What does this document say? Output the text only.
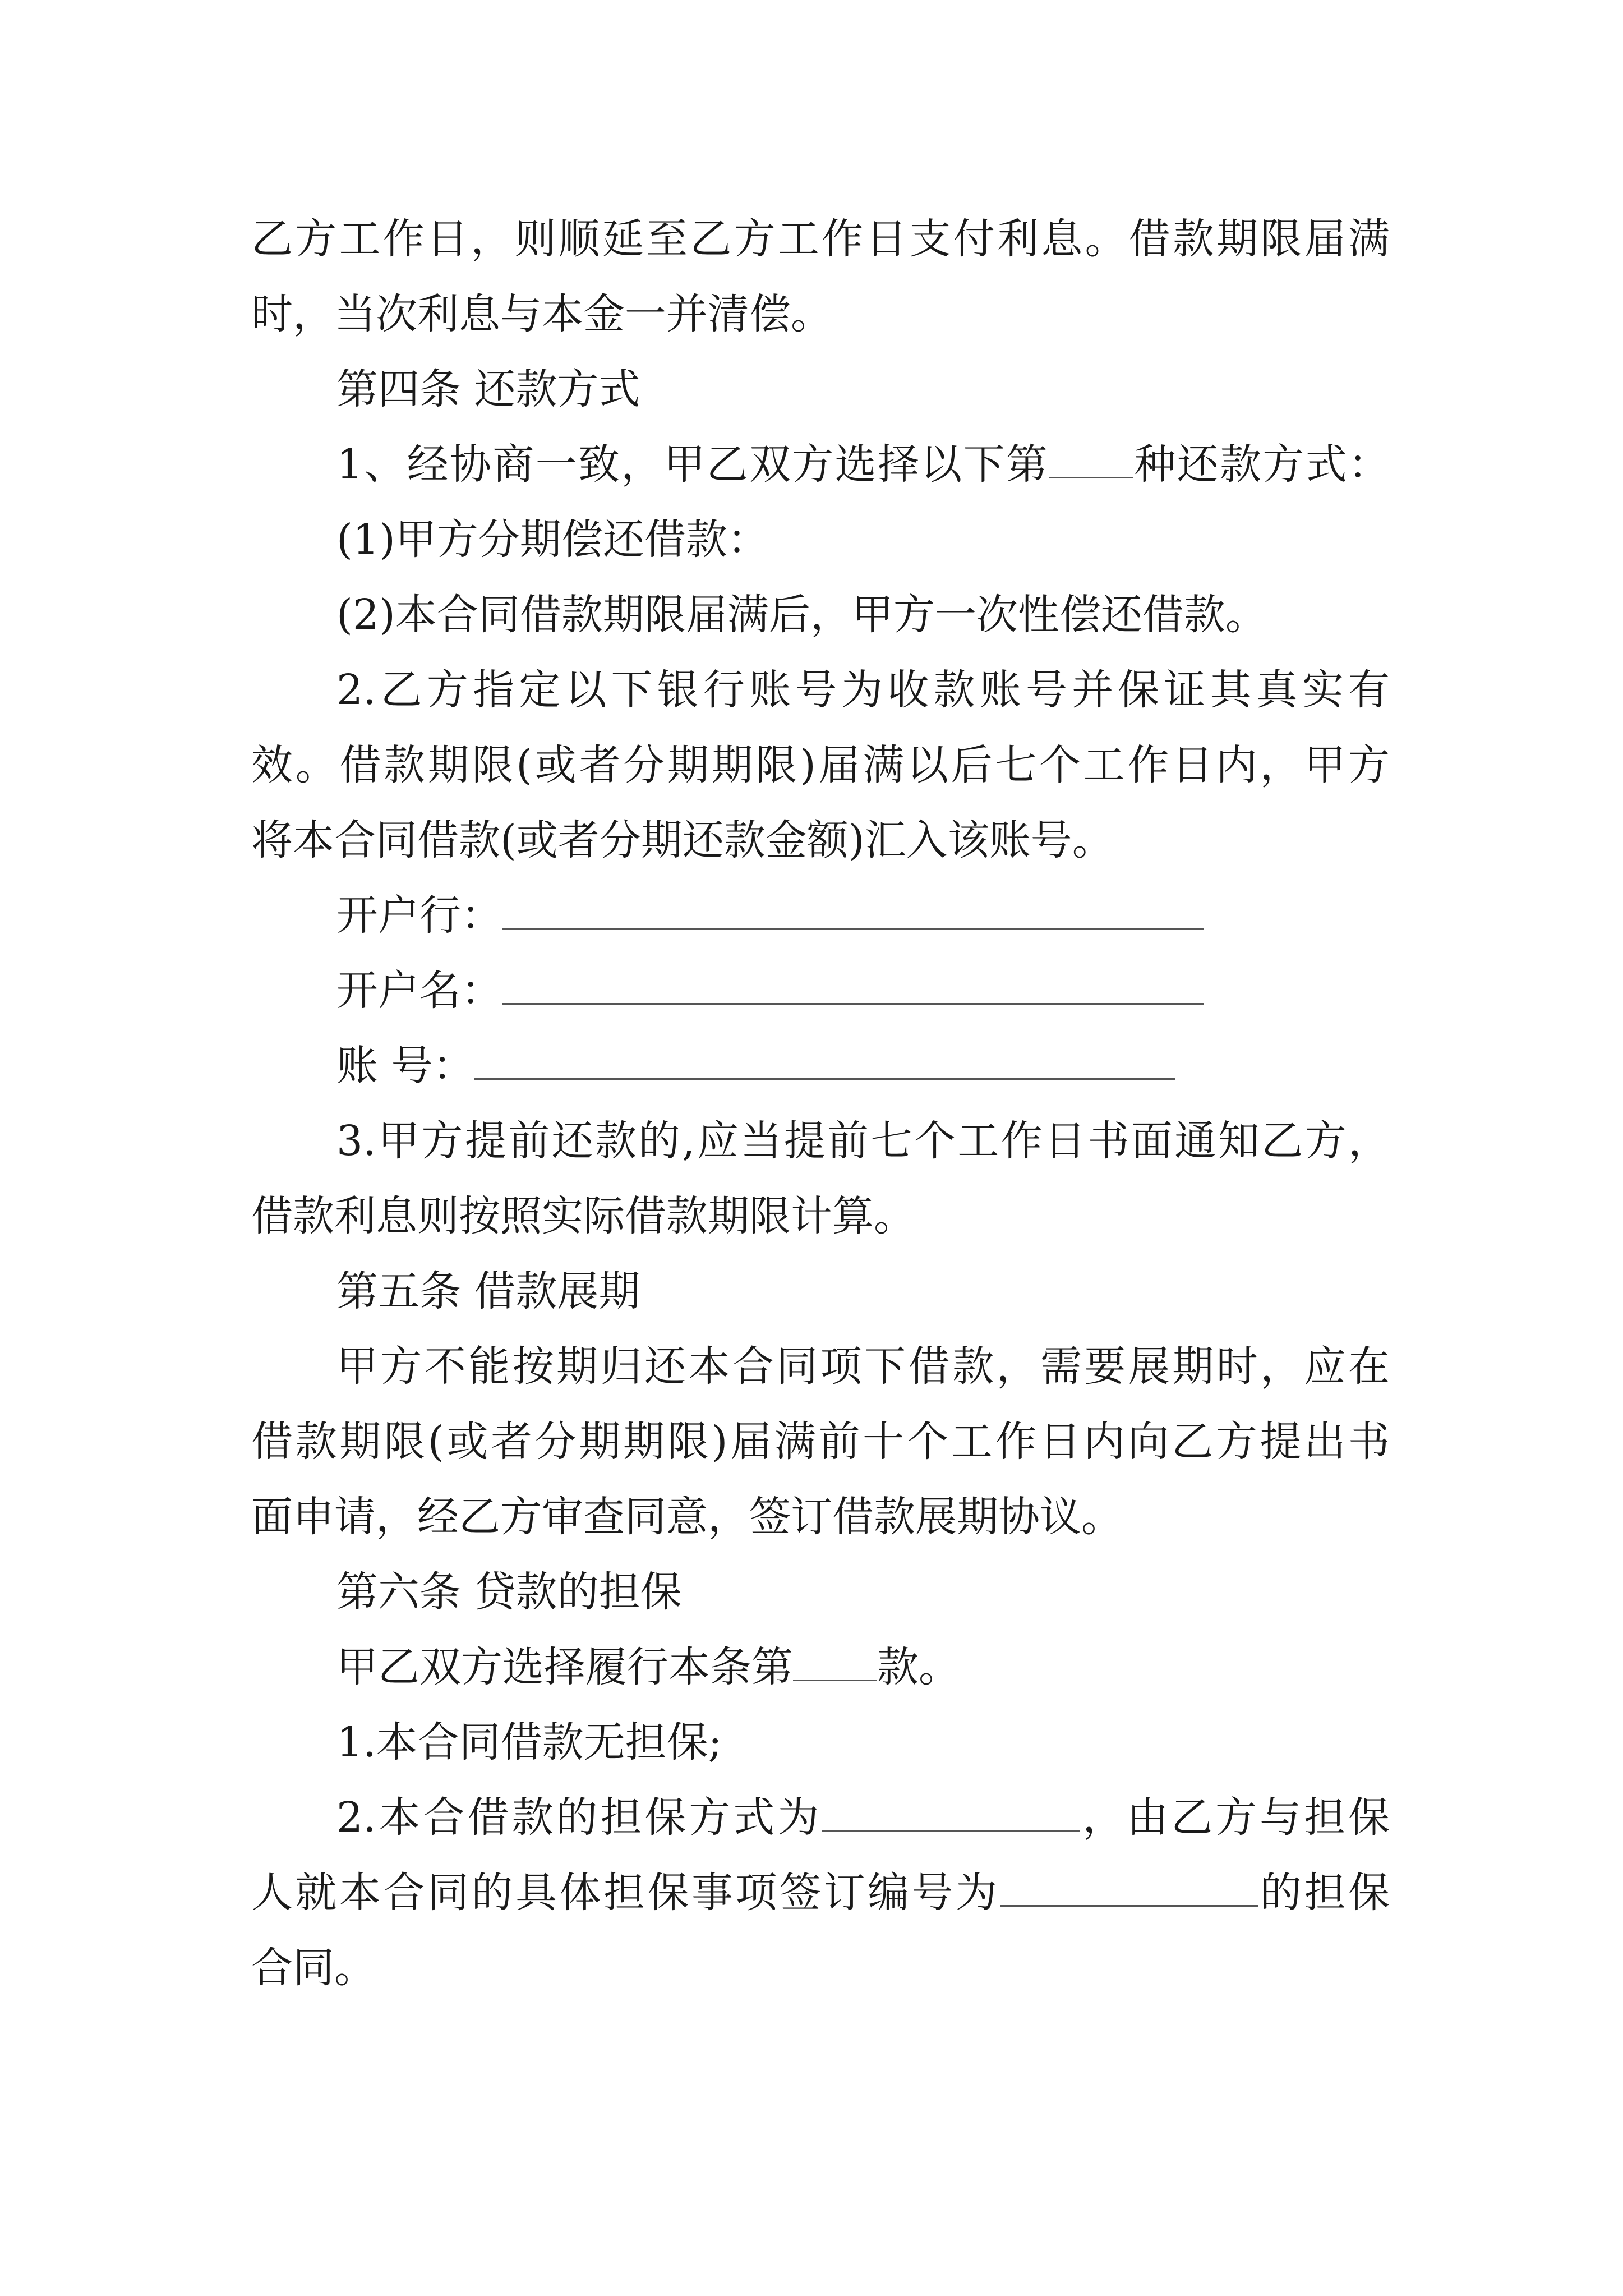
乙方工作日，则顺延至乙方工作日支付利息。借款期限届满
时，当次利息与本金一并清偿。
第四条 还款方式
1、经协商一致，甲乙双方选择以下第 种还款方式：
(1)甲方分期偿还借款：
(2)本合同借款期限届满后，甲方一次性偿还借款。
2.乙方指定以下银行账号为收款账号并保证其真实有
效。借款期限(或者分期期限)届满以后七个工作日内，甲方
将本合同借款(或者分期还款金额)汇入该账号。
开户行：
开户名：
账 号：
3.甲方提前还款的,应当提前七个工作日书面通知乙方，
借款利息则按照实际借款期限计算。
第五条 借款展期
甲方不能按期归还本合同项下借款，需要展期时，应在
借款期限(或者分期期限)届满前十个工作日内向乙方提出书
面申请，经乙方审查同意，签订借款展期协议。
第六条 贷款的担保
甲乙双方选择履行本条第 款。
1.本合同借款无担保;
2.本合借款的担保方式为	，由乙方与担保
人就本合同的具体担保事项签订编号为	的担保
合同。
